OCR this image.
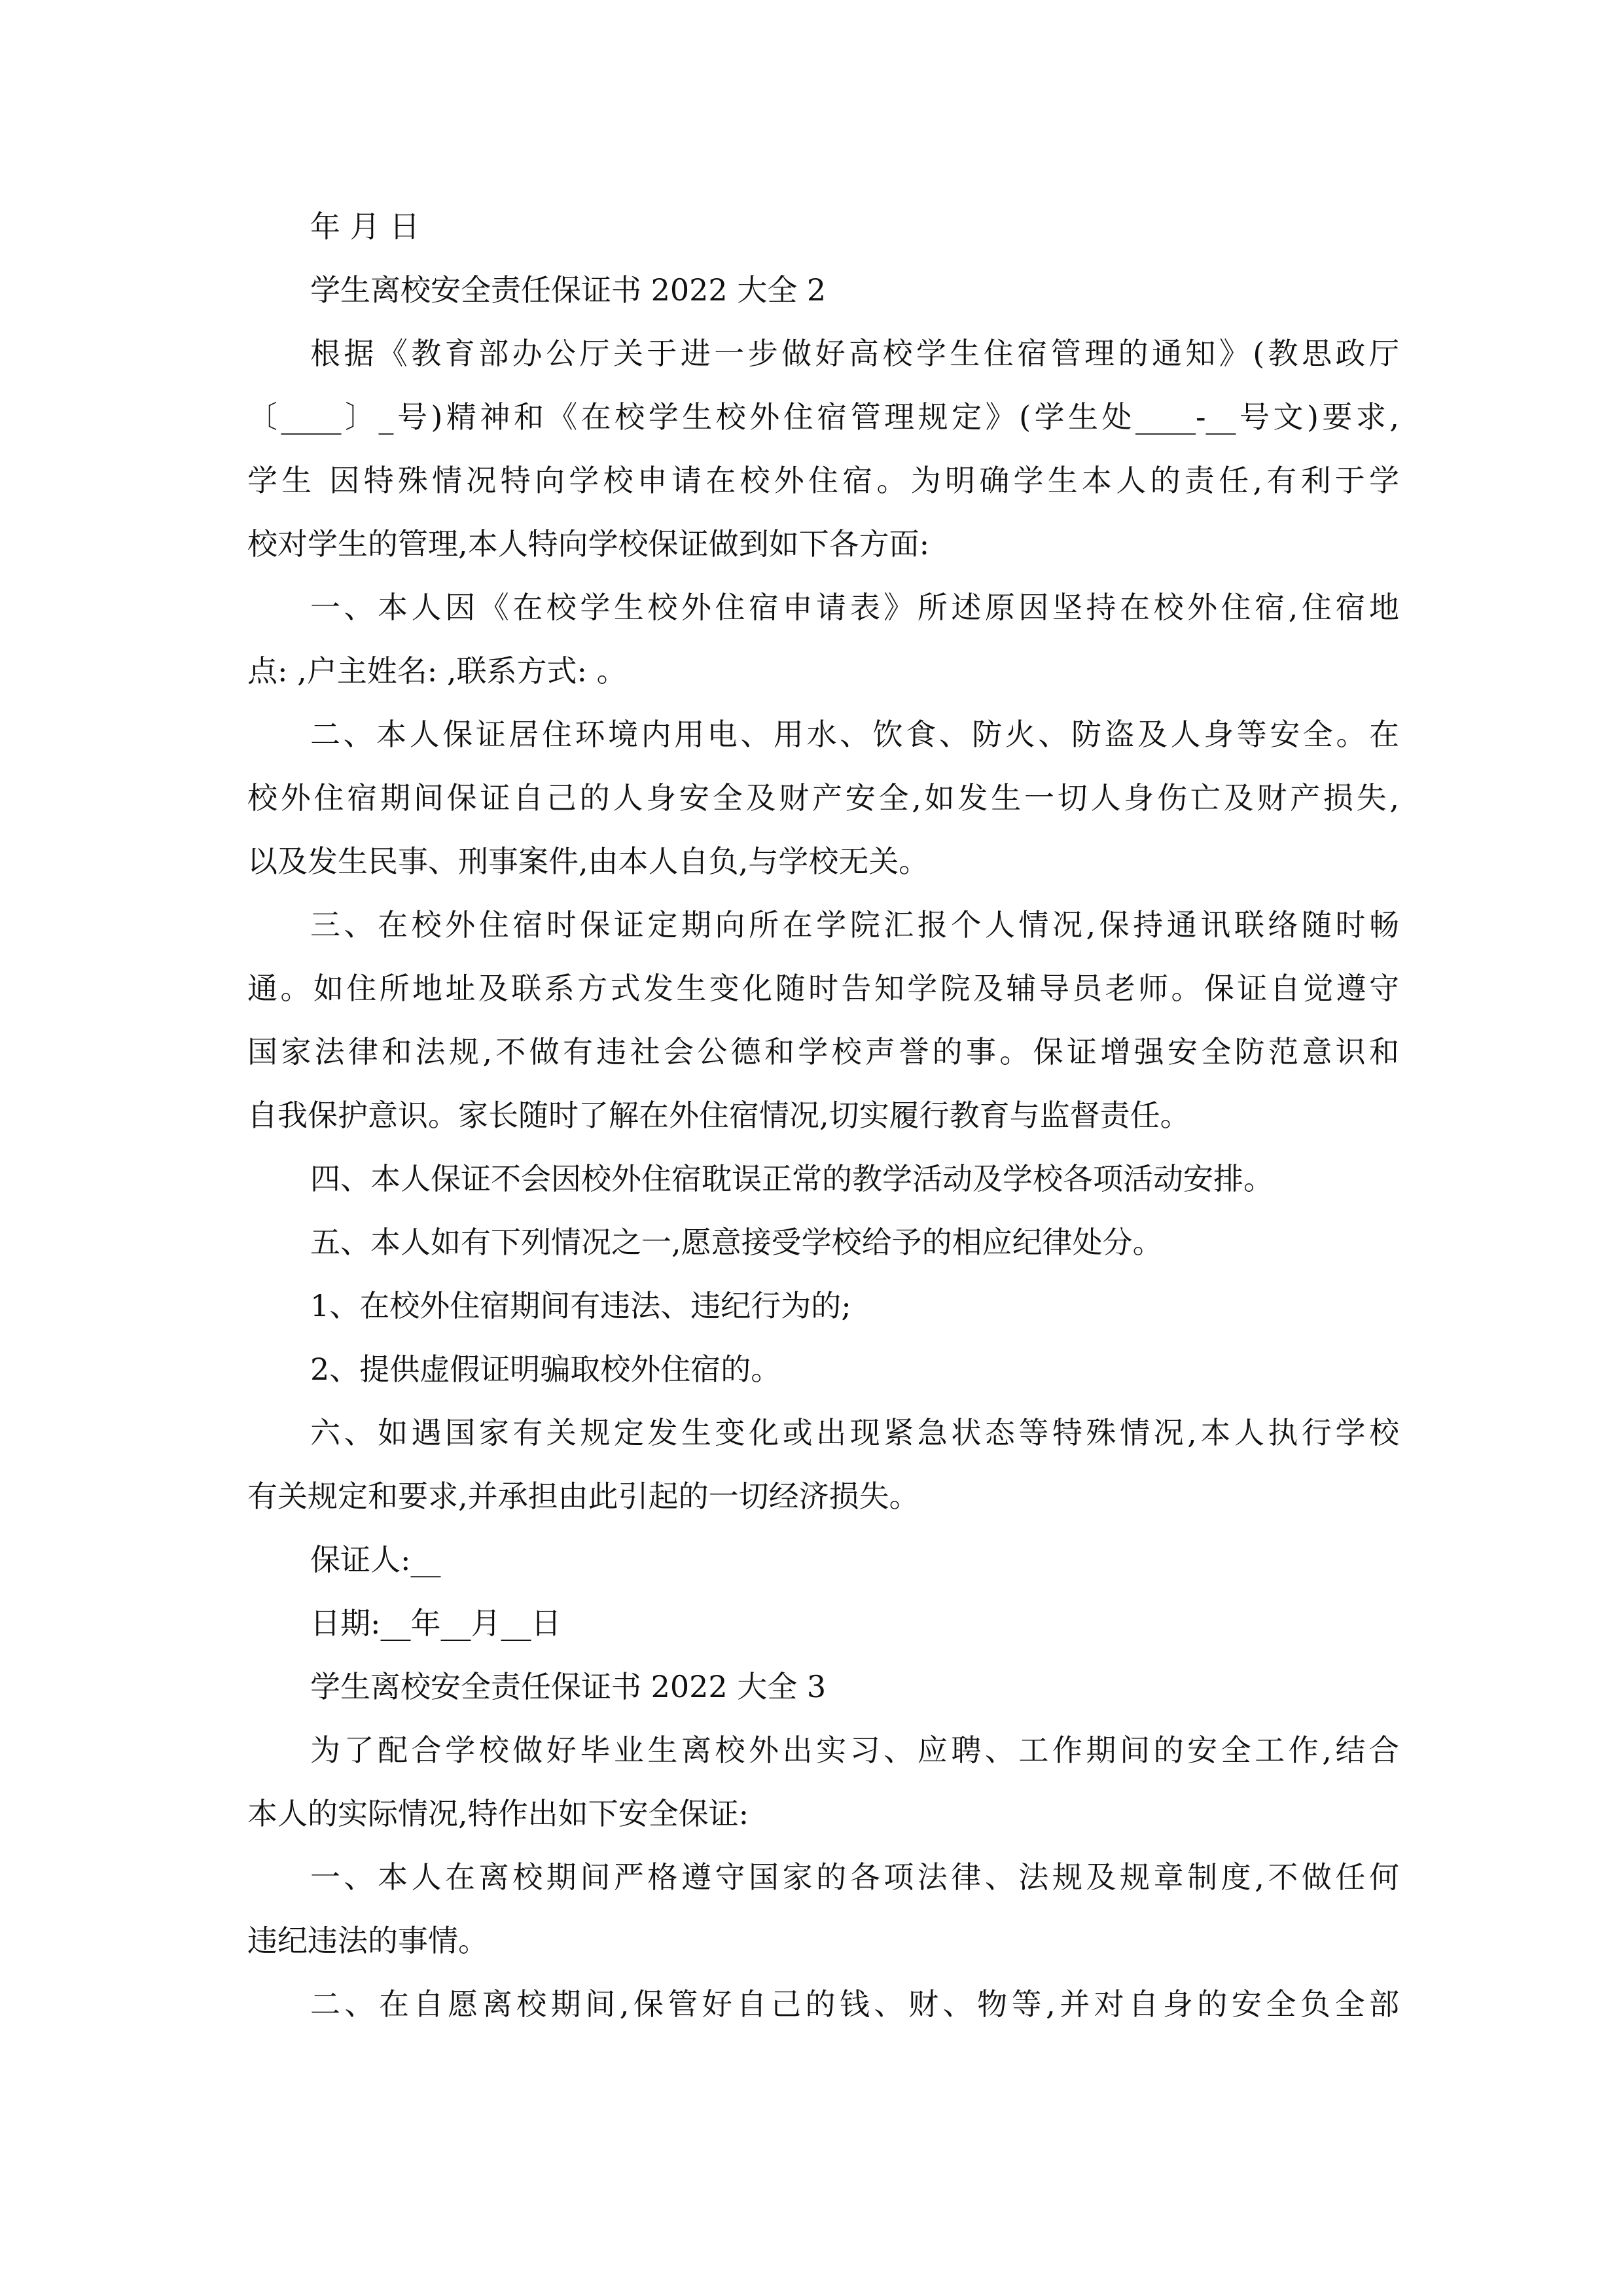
年 月 日
学生离校安全责任保证书 2022 大全 2
根据《教育部办公厅关于进一步做好高校学生住宿管理的通知》(教思政厅
〔____〕_号)精神和《在校学生校外住宿管理规定》(学生处____-__号文)要求,
学生 因特殊情况特向学校申请在校外住宿。为明确学生本人的责任,有利于学
校对学生的管理,本人特向学校保证做到如下各方面:
一、本人因《在校学生校外住宿申请表》所述原因坚持在校外住宿,住宿地
点: ,户主姓名: ,联系方式: 。
二、本人保证居住环境内用电、用水、饮食、防火、防盗及人身等安全。在
校外住宿期间保证自己的人身安全及财产安全,如发生一切人身伤亡及财产损失,
以及发生民事、刑事案件,由本人自负,与学校无关。
三、在校外住宿时保证定期向所在学院汇报个人情况,保持通讯联络随时畅
通。如住所地址及联系方式发生变化随时告知学院及辅导员老师。保证自觉遵守
国家法律和法规,不做有违社会公德和学校声誉的事。保证增强安全防范意识和
自我保护意识。家长随时了解在外住宿情况,切实履行教育与监督责任。
四、本人保证不会因校外住宿耽误正常的教学活动及学校各项活动安排。
五、本人如有下列情况之一,愿意接受学校给予的相应纪律处分。
1、在校外住宿期间有违法、违纪行为的;
2、提供虚假证明骗取校外住宿的。
六、如遇国家有关规定发生变化或出现紧急状态等特殊情况,本人执行学校
有关规定和要求,并承担由此引起的一切经济损失。
保证人:__
日期:__年__月__日
学生离校安全责任保证书 2022 大全 3
为了配合学校做好毕业生离校外出实习、应聘、工作期间的安全工作,结合
本人的实际情况,特作出如下安全保证:
一、本人在离校期间严格遵守国家的各项法律、法规及规章制度,不做任何
违纪违法的事情。
二、在自愿离校期间,保管好自己的钱、财、物等,并对自身的安全负全部
